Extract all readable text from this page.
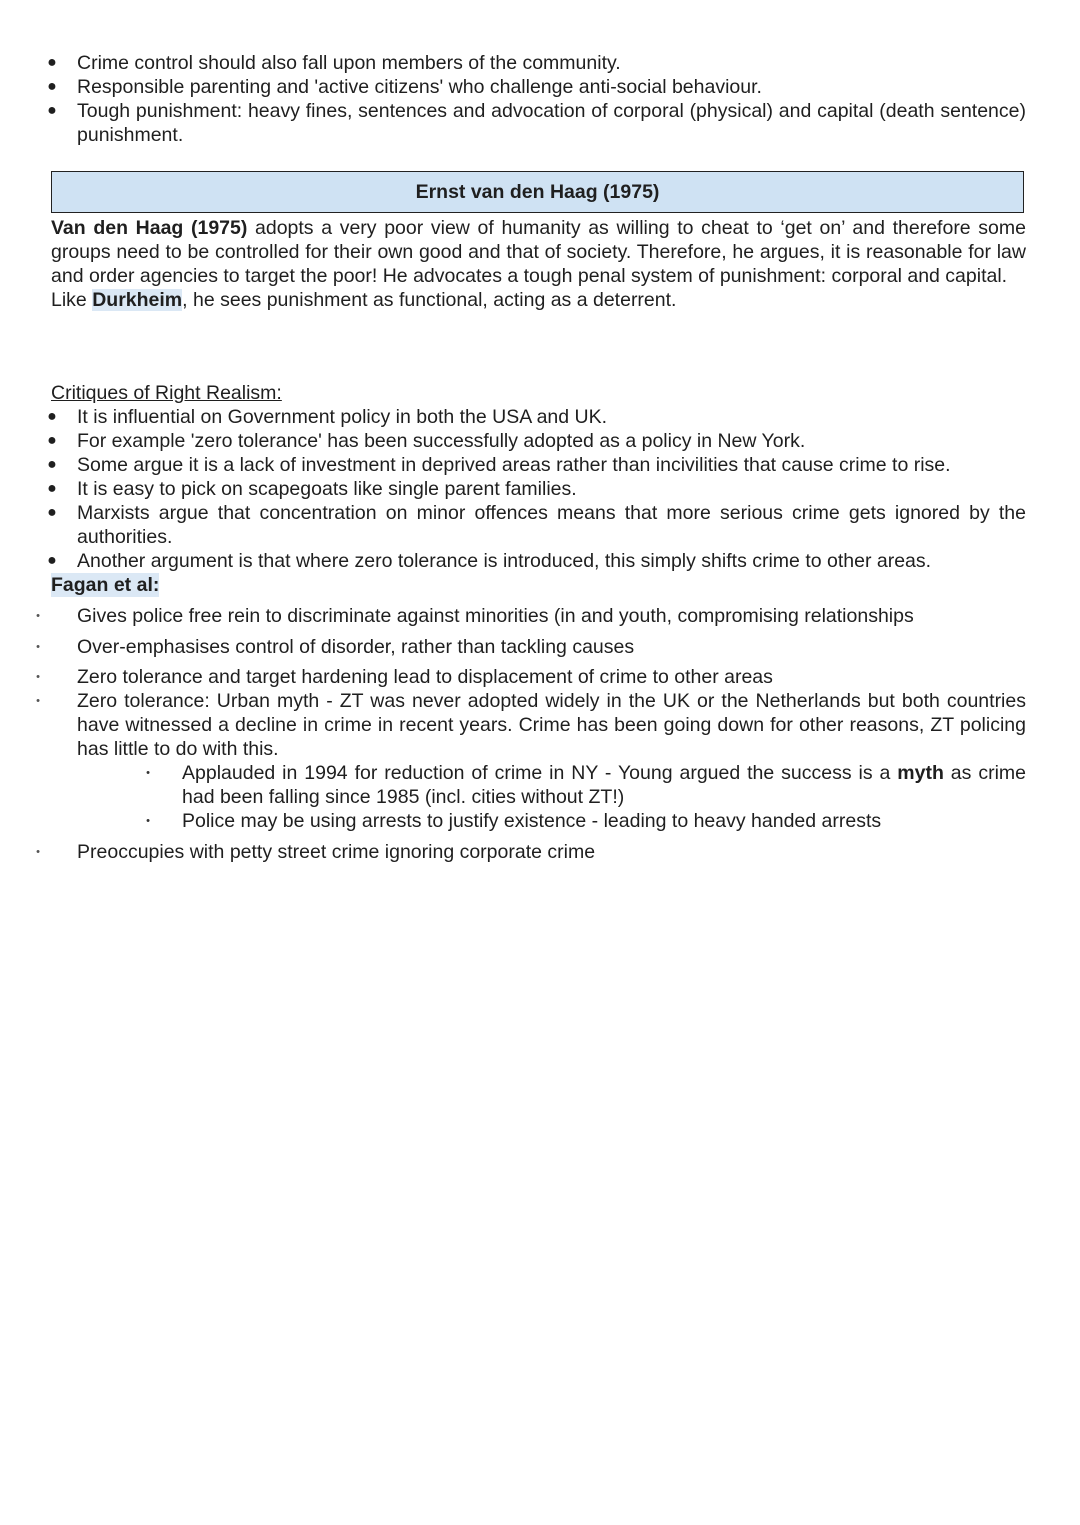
● Crime control should also fall upon members of the community.
● Responsible parenting and 'active citizens' who challenge anti-social behaviour.
● Tough punishment: heavy fines, sentences and advocation of corporal (physical) and capital (death sentence) punishment.
Ernst van den Haag (1975)
Van den Haag (1975) adopts a very poor view of humanity as willing to cheat to ‘get on’ and therefore some groups need to be controlled for their own good and that of society. Therefore, he argues, it is reasonable for law and order agencies to target the poor! He advocates a tough penal system of punishment: corporal and capital.
Like Durkheim, he sees punishment as functional, acting as a deterrent.
Critiques of Right Realism:
● It is influential on Government policy in both the USA and UK.
● For example 'zero tolerance' has been successfully adopted as a policy in New York.
● Some argue it is a lack of investment in deprived areas rather than incivilities that cause crime to rise.
● It is easy to pick on scapegoats like single parent families.
● Marxists argue that concentration on minor offences means that more serious crime gets ignored by the authorities.
● Another argument is that where zero tolerance is introduced, this simply shifts crime to other areas.
Fagan et al:
•	Gives police free rein to discriminate against minorities (in and youth, compromising relationships
•	Over-emphasises control of disorder, rather than tackling causes
•	Zero tolerance and target hardening lead to displacement of crime to other areas
•	Zero tolerance: Urban myth - ZT was never adopted widely in the UK or the Netherlands but both countries have witnessed a decline in crime in recent years. Crime has been going down for other reasons, ZT policing has little to do with this.
•	Applauded in 1994 for reduction of crime in NY - Young argued the success is a myth as crime had been falling since 1985 (incl. cities without ZT!)
•	Police may be using arrests to justify existence - leading to heavy handed arrests
•	Preoccupies with petty street crime ignoring corporate crime
